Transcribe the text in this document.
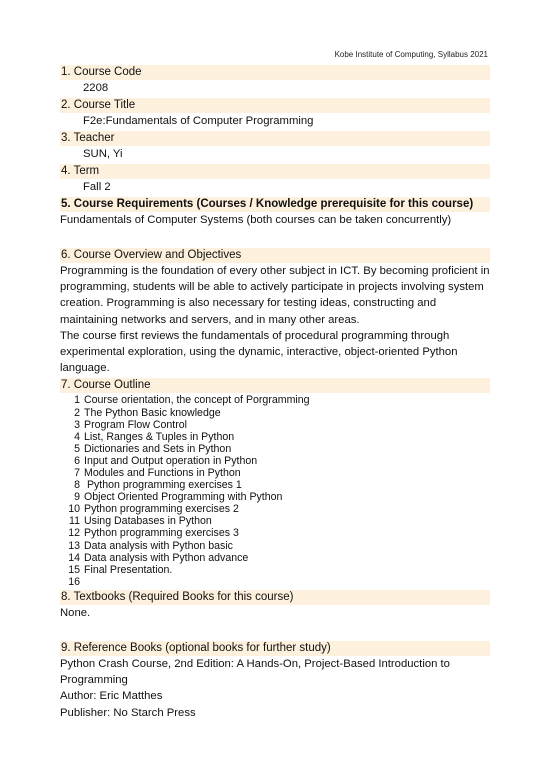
Kobe Institute of Computing, Syllabus 2021
1. Course Code
2208
2. Course Title
F2e:Fundamentals of Computer Programming
3. Teacher
SUN, Yi
4. Term
Fall 2
5. Course Requirements (Courses / Knowledge prerequisite for this course)
Fundamentals of Computer Systems (both courses can be taken concurrently)
6. Course Overview and Objectives

Programming is the foundation of every other subject in ICT. By becoming proficient in programming, students will be able to actively participate in projects involving system creation. Programming is also necessary for testing ideas, constructing and maintaining networks and servers, and in many other areas.

The course first reviews the fundamentals of procedural programming through experimental exploration, using the dynamic, interactive, object-oriented Python language.

7. Course Outline
1 Course orientation, the concept of Porgramming
2 The Python Basic knowledge
3 Program Flow Control
4 List, Ranges & Tuples in Python
5 Dictionaries and Sets in Python
6 Input and Output operation in Python
7 Modules and Functions in Python
8 Python programming exercises 1
9 Object Oriented Programming with Python
10 Python programming exercises 2
11 Using Databases in Python
12 Python programming exercises 3
13 Data analysis with Python basic
14 Data analysis with Python advance
15 Final Presentation.
16
8. Textbooks (Required Books for this course)
None.
9. Reference Books (optional books for further study)

Python Crash Course, 2nd Edition: A Hands-On, Project-Based Introduction to Programming

Author: Eric Matthes

Publisher: No Starch Press
